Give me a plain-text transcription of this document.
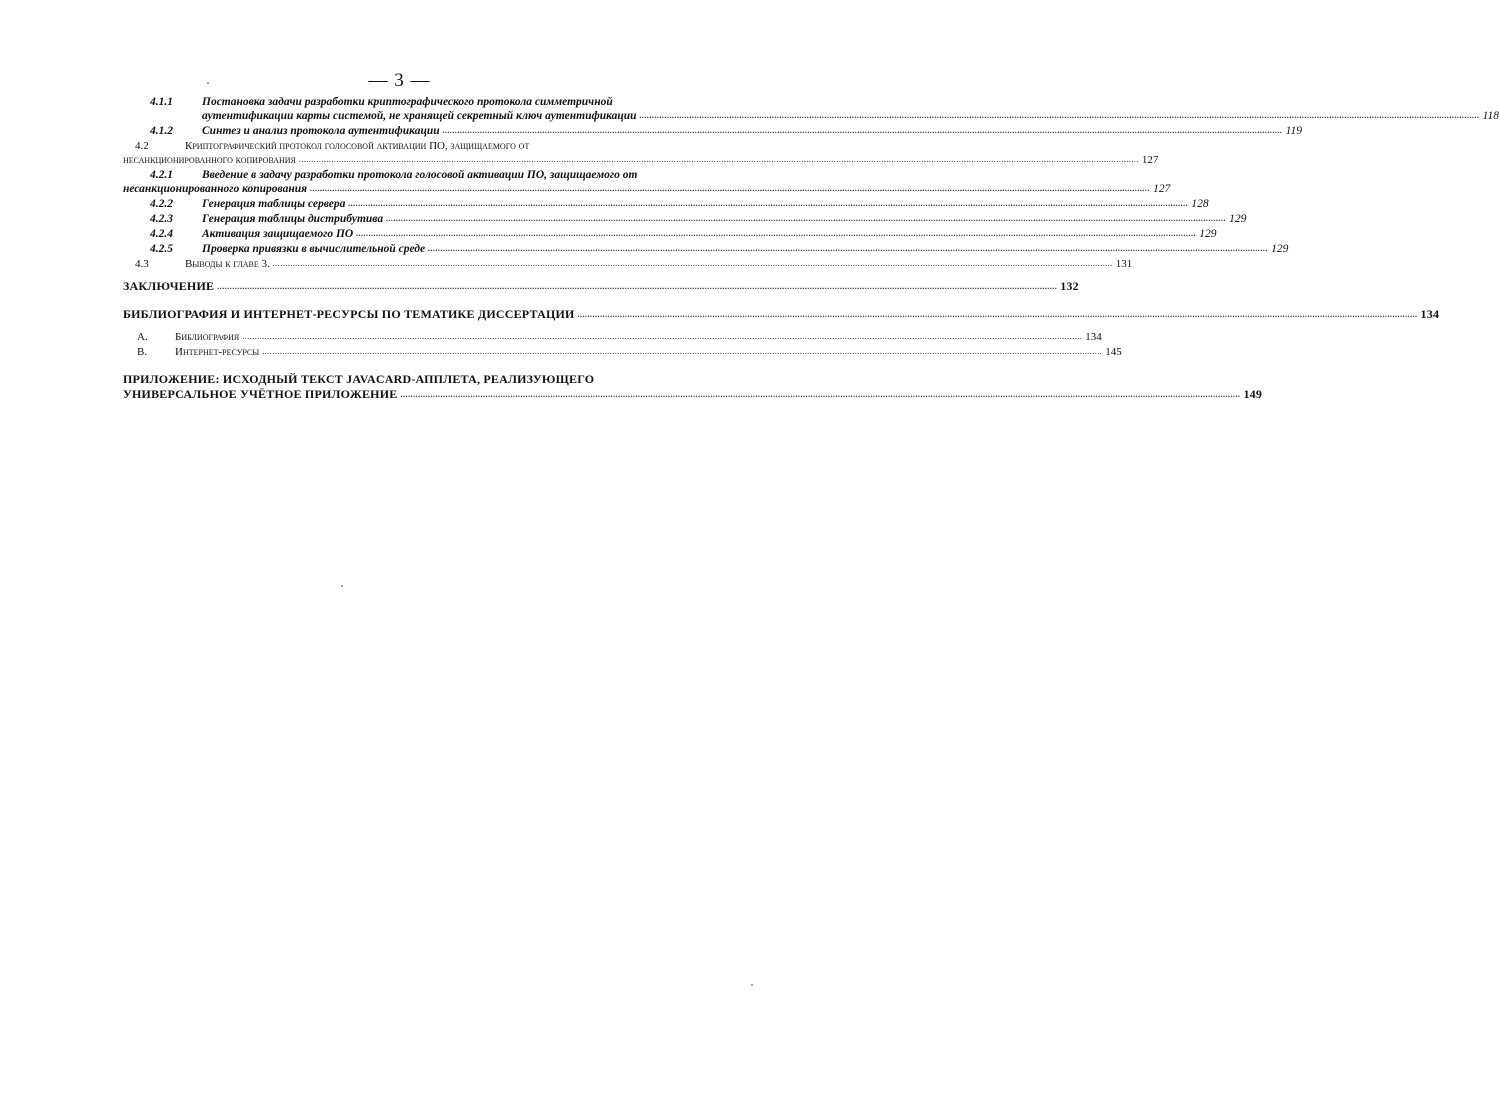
— 3 —
4.1.1	Постановка задачи разработки криптографического протокола симметричной
аутентификации карты системой, не хранящей секретный ключ аутентификации .....	118
4.1.2	Синтез и анализ протокола аутентификации .....	119
4.2	Криптографический протокол голосовой активации ПО, защищаемого от
несанкционированного копирования .....	127
4.2.1	Введение в задачу разработки протокола голосовой активации ПО, защищаемого от
несанкционированного копирования .....	127
4.2.2	Генерация таблицы сервера .....	128
4.2.3	Генерация таблицы дистрибутива .....	129
4.2.4	Активация защищаемого ПО .....	129
4.2.5	Проверка привязки в вычислительной среде .....	129
4.3	Выводы к главе 3. .....	131
ЗАКЛЮЧЕНИЕ .....	132
БИБЛИОГРАФИЯ И ИНТЕРНЕТ-РЕСУРСЫ ПО ТЕМАТИКЕ ДИССЕРТАЦИИ .....	134
А.	Библиография .....	134
В.	Интернет-ресурсы .....	145
ПРИЛОЖЕНИЕ: ИСХОДНЫЙ ТЕКСТ JAVACARD-АППЛЕТА, РЕАЛИЗУЮЩЕГО
УНИВЕРСАЛЬНОЕ УЧЁТНОЕ ПРИЛОЖЕНИЕ .....	149
